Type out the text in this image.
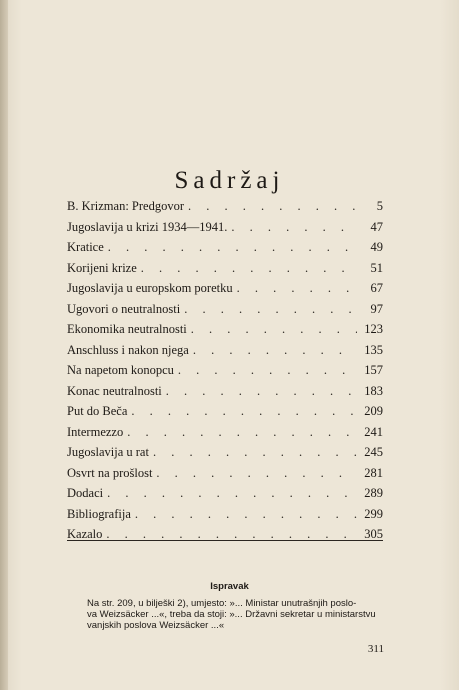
Sadržaj
B. Krizman: Predgovor . . .	5
Jugoslavija u krizi 1934—1941. . . .	47
Kratice . . .	49
Korijeni krize . . .	51
Jugoslavija u europskom poretku . . .	67
Ugovori o neutralnosti . . .	97
Ekonomika neutralnosti . . .	123
Anschluss i nakon njega . . .	135
Na napetom konopcu . . .	157
Konac neutralnosti . . .	183
Put do Beča . . .	209
Intermezzo . . .	241
Jugoslavija u rat . . .	245
Osvrt na prošlost . . .	281
Dodaci . . .	289
Bibliografija . . .	299
Kazalo . . .	305
Ispravak
Na str. 209, u bilješki 2), umjesto: »... Ministar unutrašnjih poslo-
va Weizsäcker ...«, treba da stoji: »... Državni sekretar u ministarstvu
vanjskih poslova Weizsäcker ...«
311
